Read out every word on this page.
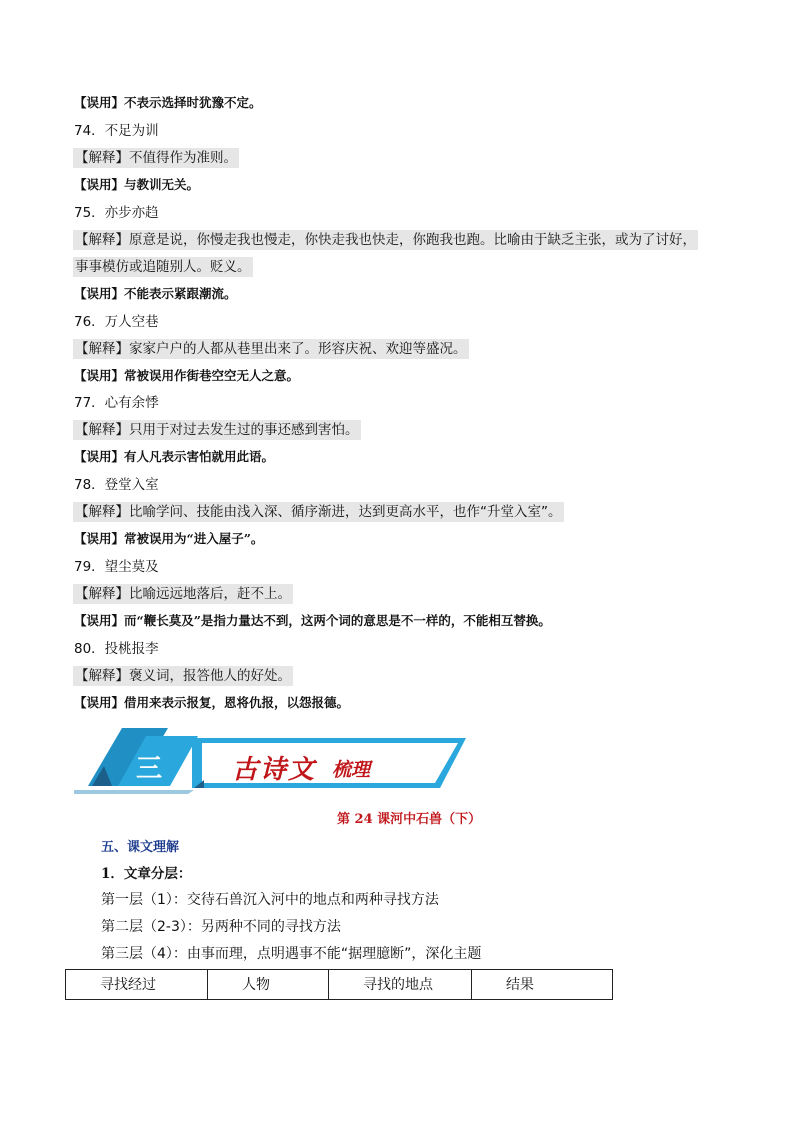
【误用】不表示选择时犹豫不定。
74．不足为训
【解释】不值得作为准则。
【误用】与教训无关。
75．亦步亦趋
【解释】原意是说，你慢走我也慢走，你快走我也快走，你跑我也跑。比喻由于缺乏主张，或为了讨好，
事事模仿或追随别人。贬义。
【误用】不能表示紧跟潮流。
76．万人空巷
【解释】家家户户的人都从巷里出来了。形容庆祝、欢迎等盛况。
【误用】常被误用作街巷空空无人之意。
77．心有余悸
【解释】只用于对过去发生过的事还感到害怕。
【误用】有人凡表示害怕就用此语。
78．登堂入室
【解释】比喻学问、技能由浅入深、循序渐进，达到更高水平，也作“升堂入室”。
【误用】常被误用为“进入屋子”。
79．望尘莫及
【解释】比喻远远地落后，赶不上。
【误用】而“鞭长莫及”是指力量达不到，这两个词的意思是不一样的，不能相互替换。
80．投桃报李
【解释】褒义词，报答他人的好处。
【误用】借用来表示报复，恩将仇报，以怨报德。
三	古诗文 梳理
第 24 课河中石兽（下）
五、课文理解
1．文章分层：
第一层（1）：交待石兽沉入河中的地点和两种寻找方法
第二层（2-3）：另两种不同的寻找方法
第三层（4）：由事而理，点明遇事不能“据理臆断”，深化主题
寻找经过	人物	寻找的地点	结果
